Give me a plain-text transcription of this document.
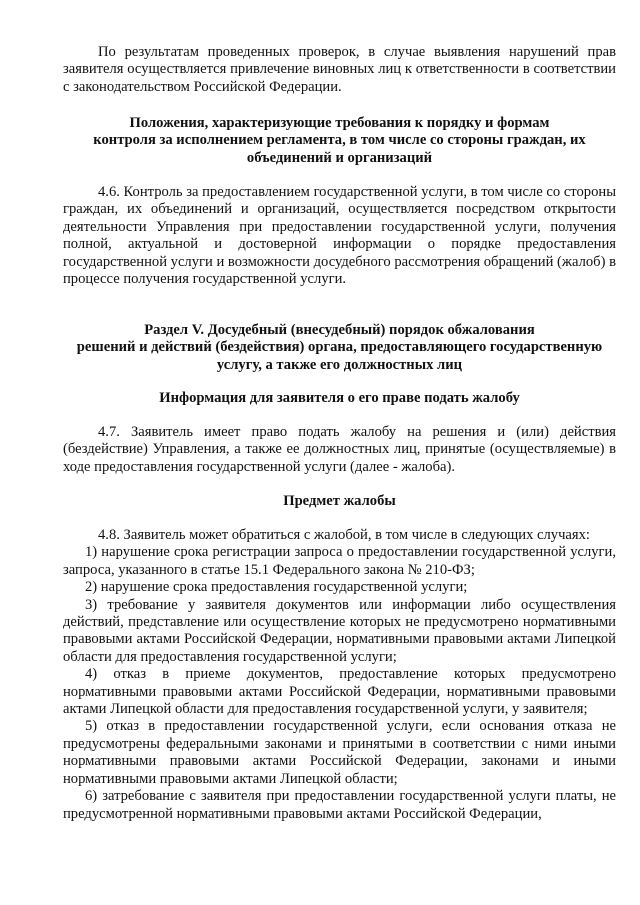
По результатам проведенных проверок, в случае выявления нарушений прав заявителя осуществляется привлечение виновных лиц к ответственности в соответствии с законодательством Российской Федерации.

Положения, характеризующие требования к порядку и формам

контроля за исполнением регламента, в том числе со стороны граждан, их

объединений и организаций

4.6. Контроль за предоставлением государственной услуги, в том числе со стороны граждан, их объединений и организаций, осуществляется посредством открытости деятельности Управления при предоставлении государственной услуги, получения полной, актуальной и достоверной информации о порядке предоставления государственной услуги и возможности досудебного рассмотрения обращений (жалоб) в процессе получения государственной услуги.

Раздел V. Досудебный (внесудебный) порядок обжалования

решений и действий (бездействия) органа, предоставляющего государственную

услугу, а также его должностных лиц

Информация для заявителя о его праве подать жалобу

4.7. Заявитель имеет право подать жалобу на решения и (или) действия (бездействие) Управления, а также ее должностных лиц, принятые (осуществляемые) в ходе предоставления государственной услуги (далее - жалоба).

Предмет жалобы

4.8. Заявитель может обратиться с жалобой, в том числе в следующих случаях:

1) нарушение срока регистрации запроса о предоставлении государственной услуги, запроса, указанного в статье 15.1 Федерального закона № 210-ФЗ;

2) нарушение срока предоставления государственной услуги;

3) требование у заявителя документов или информации либо осуществления действий, представление или осуществление которых не предусмотрено нормативными правовыми актами Российской Федерации, нормативными правовыми актами Липецкой области для предоставления государственной услуги;

4) отказ в приеме документов, предоставление которых предусмотрено нормативными правовыми актами Российской Федерации, нормативными правовыми актами Липецкой области для предоставления государственной услуги, у заявителя;

5) отказ в предоставлении государственной услуги, если основания отказа не предусмотрены федеральными законами и принятыми в соответствии с ними иными нормативными правовыми актами Российской Федерации, законами и иными нормативными правовыми актами Липецкой области;

6) затребование с заявителя при предоставлении государственной услуги платы, не предусмотренной нормативными правовыми актами Российской Федерации,
